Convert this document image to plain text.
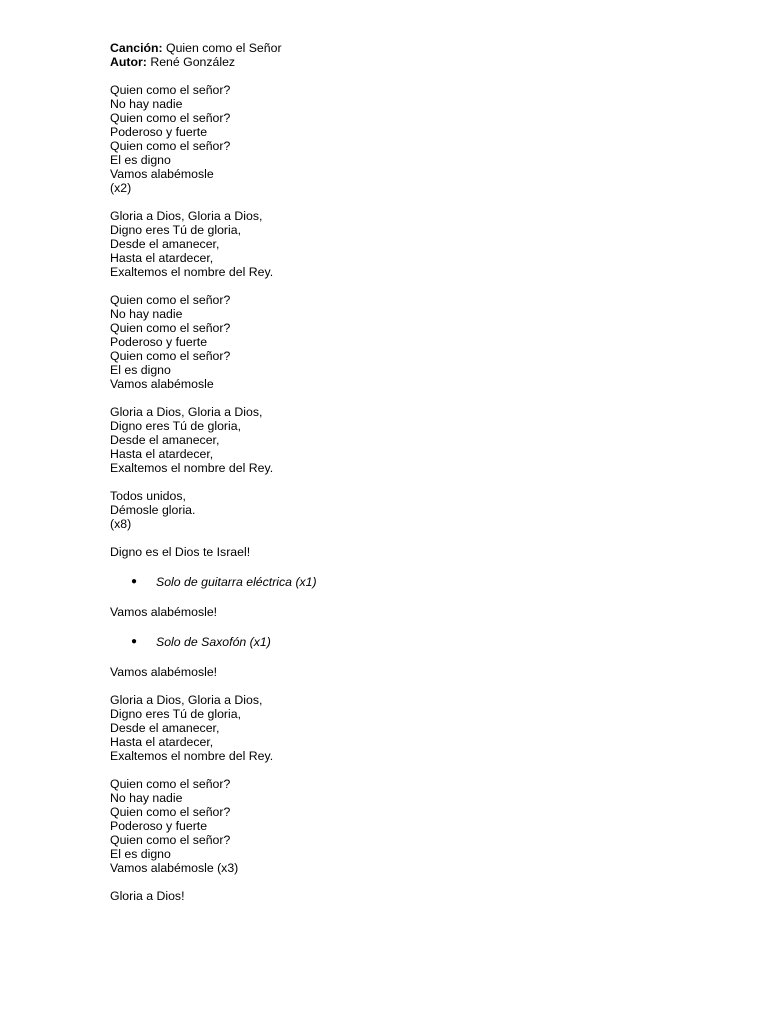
Canción: Quien como el Señor
Autor: René González
Quien como el señor?
No hay nadie
Quien como el señor?
Poderoso y fuerte
Quien como el señor?
El es digno
Vamos alabémosle
(x2)
Gloria a Dios, Gloria a Dios,
Digno eres Tú de gloria,
Desde el amanecer,
Hasta el atardecer,
Exaltemos el nombre del Rey.
Quien como el señor?
No hay nadie
Quien como el señor?
Poderoso y fuerte
Quien como el señor?
El es digno
Vamos alabémosle
Gloria a Dios, Gloria a Dios,
Digno eres Tú de gloria,
Desde el amanecer,
Hasta el atardecer,
Exaltemos el nombre del Rey.
Todos unidos,
Démosle gloria.
(x8)
Digno es el Dios te Israel!
● Solo de guitarra eléctrica (x1)
Vamos alabémosle!
● Solo de Saxofón (x1)
Vamos alabémosle!
Gloria a Dios, Gloria a Dios,
Digno eres Tú de gloria,
Desde el amanecer,
Hasta el atardecer,
Exaltemos el nombre del Rey.
Quien como el señor?
No hay nadie
Quien como el señor?
Poderoso y fuerte
Quien como el señor?
El es digno
Vamos alabémosle (x3)
Gloria a Dios!
